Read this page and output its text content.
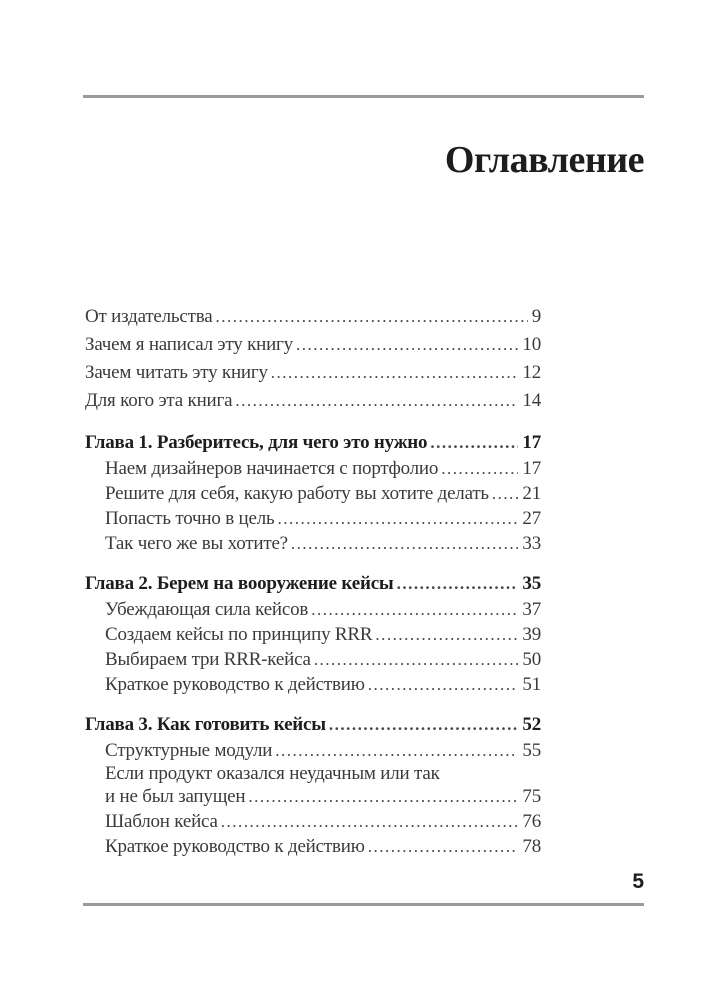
Оглавление
От издательства .....	9
Зачем я написал эту книгу .....	10
Зачем читать эту книгу .....	12
Для кого эта книга .....	14
Глава 1. Разберитесь, для чего это нужно .....	17
Наем дизайнеров начинается с портфолио .....	17
Решите для себя, какую работу вы хотите делать ..... 21
Попасть точно в цель .....	27
Так чего же вы хотите? .....	33
Глава 2. Берем на вооружение кейсы .....	35
Убеждающая сила кейсов .....	37
Создаем кейсы по принципу RRR .....	39
Выбираем три RRR-кейса .....	50
Краткое руководство к действию .....	51
Глава 3. Как готовить кейсы .....	52
Структурные модули .....	55
Если продукт оказался неудачным или так
и не был запущен .....	75
Шаблон кейса .....	76
Краткое руководство к действию .....	78
5
